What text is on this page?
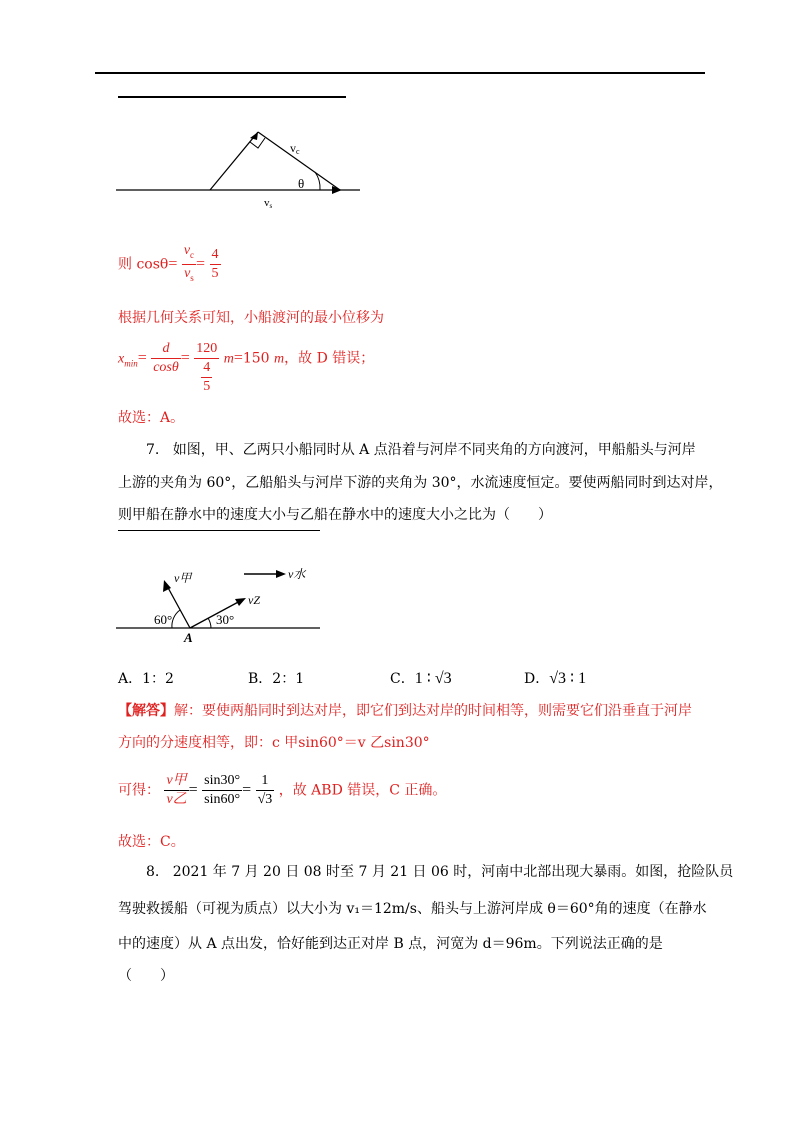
vc
θ
vs
则 $\cos\theta= \frac{v_c}{v_s} = \frac{4}{5}$
根据几何关系可知，小船渡河的最小位移为
$x_{min}= \frac{d}{\cos\theta} = \frac{120}{\frac{4}{5}} m=150$ m，故 D 错误；
故选：A。
7. 如图，甲、乙两只小船同时从 A 点沿着与河岸不同夹角的方向渡河，甲船船头与河岸
上游的夹角为 60°，乙船船头与河岸下游的夹角为 30°，水流速度恒定。要使两船同时到达对岸，
则甲船在静水中的速度大小与乙船在静水中的速度大小之比为（　　）
v甲
vZ
v水
60°	30°
A
A．1：2	B．2：1	C．1 ∶ √3	D．√3 ∶ 1
【解答】解：要使两船同时到达对岸，即它们到达对岸的时间相等，则需要它们沿垂直于河岸
方向的分速度相等，即：c 甲sin60°＝v 乙sin30°
可得： $\frac{\text{v甲}}{\text{v乙}} = \frac{\sin 30^\circ}{\sin 60^\circ} = \frac{1}{√3}$ ，故 ABD 错误，C 正确。
故选：C。
8. 2021 年 7 月 20 日 08 时至 7 月 21 日 06 时，河南中北部出现大暴雨。如图，抢险队员
驾驶救援船（可视为质点）以大小为 v₁＝12m/s、船头与上游河岸成 θ＝60°角的速度（在静水
中的速度）从 A 点出发，恰好能到达正对岸 B 点，河宽为 d＝96m。下列说法正确的是
（　　）
